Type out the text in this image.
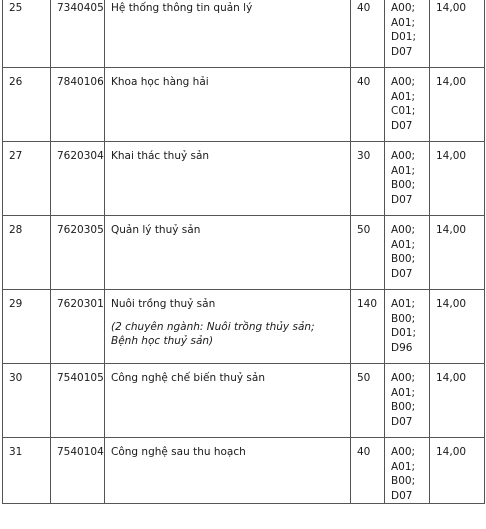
25	7340405	Hệ thống thông tin quản lý	40	A00;
A01;
D01;
D07	14,00
26	7840106	Khoa học hàng hải	40	A00;
A01;
C01;
D07	14,00
27	7620304	Khai thác thuỷ sản	30	A00;
A01;
B00;
D07	14,00
28	7620305	Quản lý thuỷ sản	50	A00;
A01;
B00;
D07	14,00
29	7620301	Nuôi trồng thuỷ sản
(2 chuyên ngành: Nuôi trồng thủy sản; Bệnh học thuỷ sản)	140	A01;
B00;
D01;
D96	14,00
30	7540105	Công nghệ chế biến thuỷ sản	50	A00;
A01;
B00;
D07	14,00
31	7540104	Công nghệ sau thu hoạch	40	A00;
A01;
B00;
D07	14,00
